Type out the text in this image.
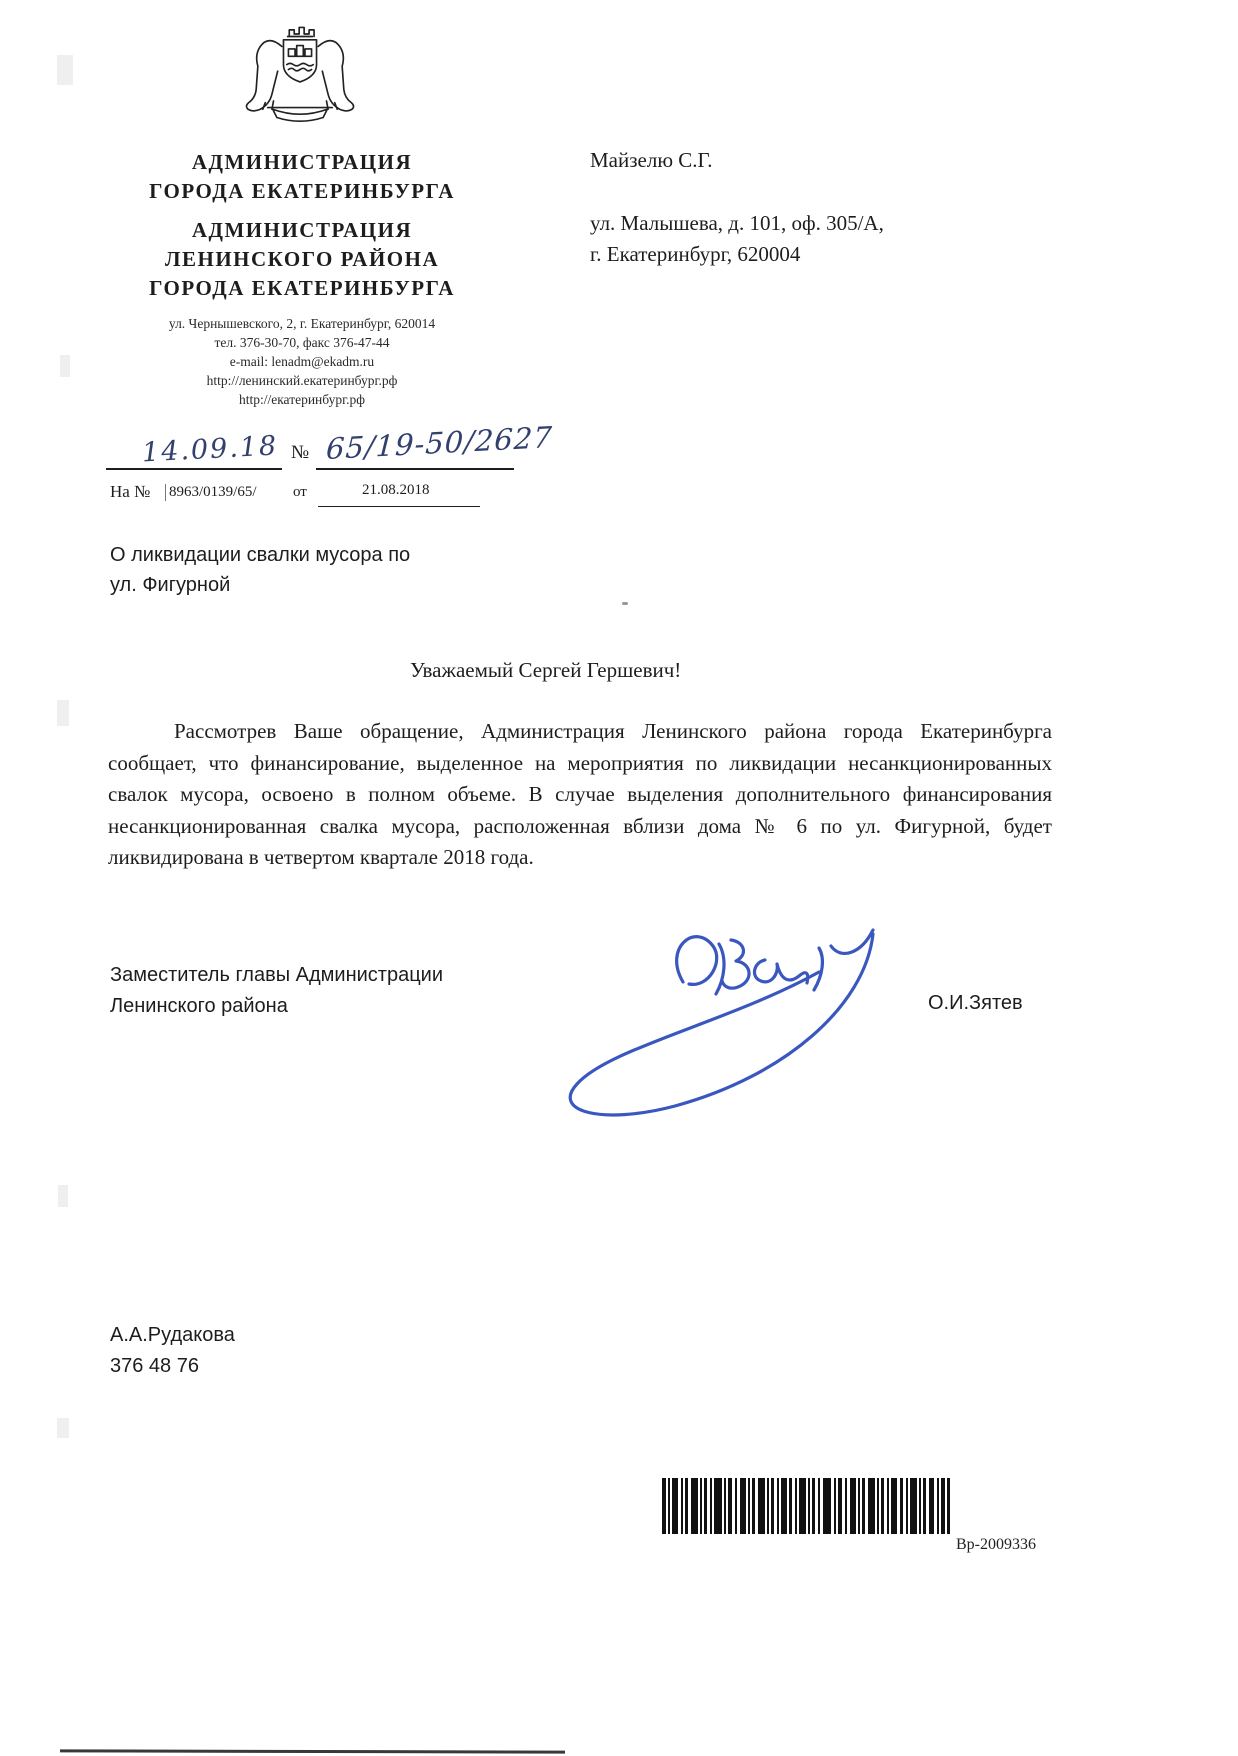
АДМИНИСТРАЦИЯ
ГОРОДА ЕКАТЕРИНБУРГА
АДМИНИСТРАЦИЯ
ЛЕНИНСКОГО РАЙОНА
ГОРОДА ЕКАТЕРИНБУРГА
ул. Чернышевского, 2, г. Екатеринбург, 620014
тел. 376-30-70, факс 376-47-44
e-mail: lenadm@ekadm.ru
http://ленинский.екатеринбург.рф
http://екатеринбург.рф
Майзелю С.Г.
ул. Малышева, д. 101, оф. 305/А,
г. Екатеринбург, 620004
14.09.18 № 65/19-50/2627
На № 8963/0139/65/ от	21.08.2018
О ликвидации свалки мусора по
ул. Фигурной
Уважаемый Сергей Гершевич!
Рассмотрев Ваше обращение, Администрация Ленинского района города Екатеринбурга сообщает, что финансирование, выделенное на мероприятия по ликвидации несанкционированных свалок мусора, освоено в полном объеме. В случае выделения дополнительного финансирования несанкционированная свалка мусора, расположенная вблизи дома № 6 по ул. Фигурной, будет ликвидирована в четвертом квартале 2018 года.
Заместитель главы Администрации
Ленинского района	О.И.Зятев
А.А.Рудакова
376 48 76
Вр-2009336
